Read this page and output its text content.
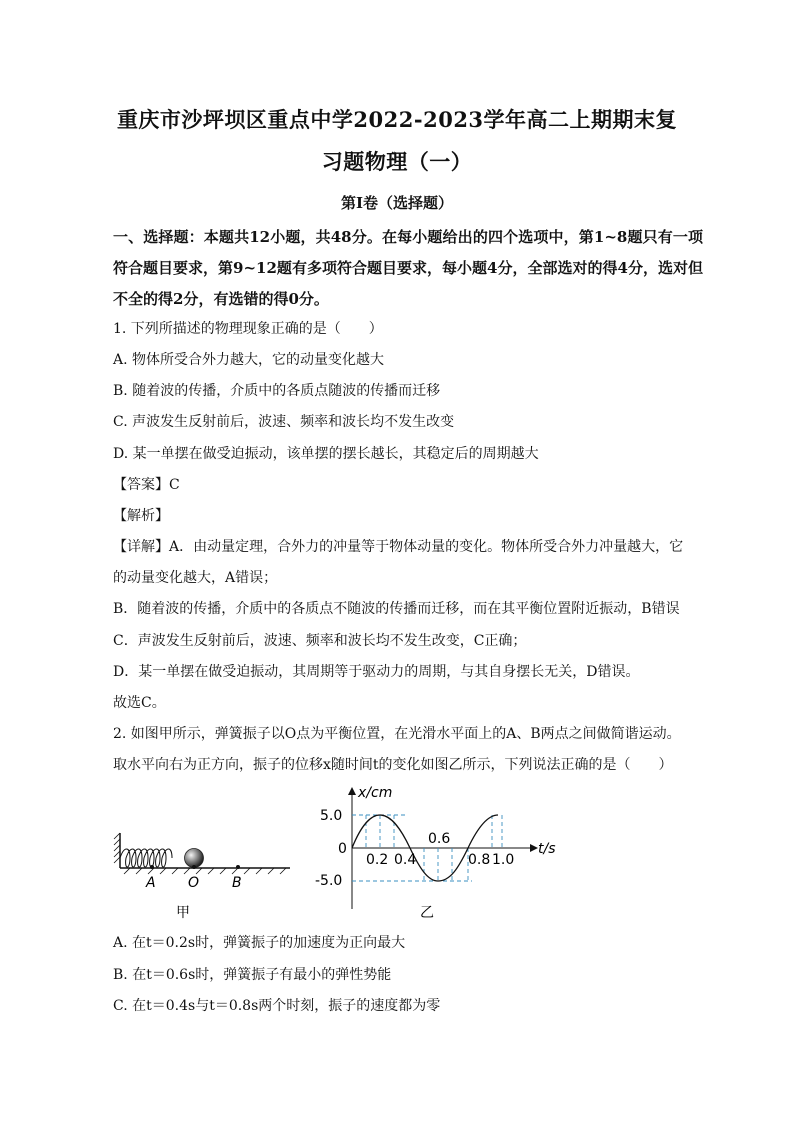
重庆市沙坪坝区重点中学2022-2023学年高二上期期末复
习题物理（一）
第Ⅰ卷（选择题）
一、选择题：本题共12小题，共48分。在每小题给出的四个选项中，第1~8题只有一项符合题目要求，第9~12题有多项符合题目要求，每小题4分，全部选对的得4分，选对但不全的得2分，有选错的得0分。
1. 下列所描述的物理现象正确的是（　　）
A. 物体所受合外力越大，它的动量变化越大
B. 随着波的传播，介质中的各质点随波的传播而迁移
C. 声波发生反射前后，波速、频率和波长均不发生改变
D. 某一单摆在做受迫振动，该单摆的摆长越长，其稳定后的周期越大
【答案】C
【解析】
【详解】A．由动量定理，合外力的冲量等于物体动量的变化。物体所受合外力冲量越大，它
的动量变化越大，A错误；
B．随着波的传播，介质中的各质点不随波的传播而迁移，而在其平衡位置附近振动，B错误
C．声波发生反射前后，波速、频率和波长均不发生改变，C正确；
D．某一单摆在做受迫振动，其周期等于驱动力的周期，与其自身摆长无关，D错误。
故选C。
2. 如图甲所示，弹簧振子以O点为平衡位置，在光滑水平面上的A、B两点之间做简谐运动。
取水平向右为正方向，振子的位移x随时间t的变化如图乙所示，下列说法正确的是（　　）
A O B
甲
x/cm
t/s
0
5.0
-5.0
0.2 0.4
0.6
0.8 1.0
乙
A. 在t＝0.2s时，弹簧振子的加速度为正向最大
B. 在t＝0.6s时，弹簧振子有最小的弹性势能
C. 在t＝0.4s与t＝0.8s两个时刻，振子的速度都为零
